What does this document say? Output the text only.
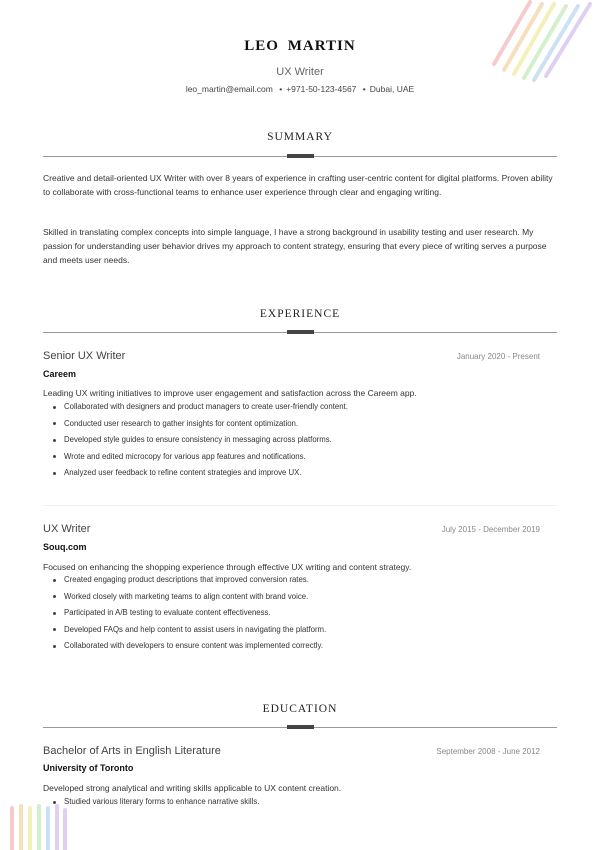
LEO MARTIN
UX Writer
leo_martin@email.com • +971-50-123-4567 • Dubai, UAE
SUMMARY
Creative and detail-oriented UX Writer with over 8 years of experience in crafting user-centric content for digital platforms. Proven ability to collaborate with cross-functional teams to enhance user experience through clear and engaging writing.
Skilled in translating complex concepts into simple language, I have a strong background in usability testing and user research. My passion for understanding user behavior drives my approach to content strategy, ensuring that every piece of writing serves a purpose and meets user needs.
EXPERIENCE
Senior UX Writer	January 2020 - Present
Careem
Leading UX writing initiatives to improve user engagement and satisfaction across the Careem app.
Collaborated with designers and product managers to create user-friendly content.
Conducted user research to gather insights for content optimization.
Developed style guides to ensure consistency in messaging across platforms.
Wrote and edited microcopy for various app features and notifications.
Analyzed user feedback to refine content strategies and improve UX.
UX Writer	July 2015 - December 2019
Souq.com
Focused on enhancing the shopping experience through effective UX writing and content strategy.
Created engaging product descriptions that improved conversion rates.
Worked closely with marketing teams to align content with brand voice.
Participated in A/B testing to evaluate content effectiveness.
Developed FAQs and help content to assist users in navigating the platform.
Collaborated with developers to ensure content was implemented correctly.
EDUCATION
Bachelor of Arts in English Literature	September 2008 - June 2012
University of Toronto
Developed strong analytical and writing skills applicable to UX content creation.
Studied various literary forms to enhance narrative skills.
